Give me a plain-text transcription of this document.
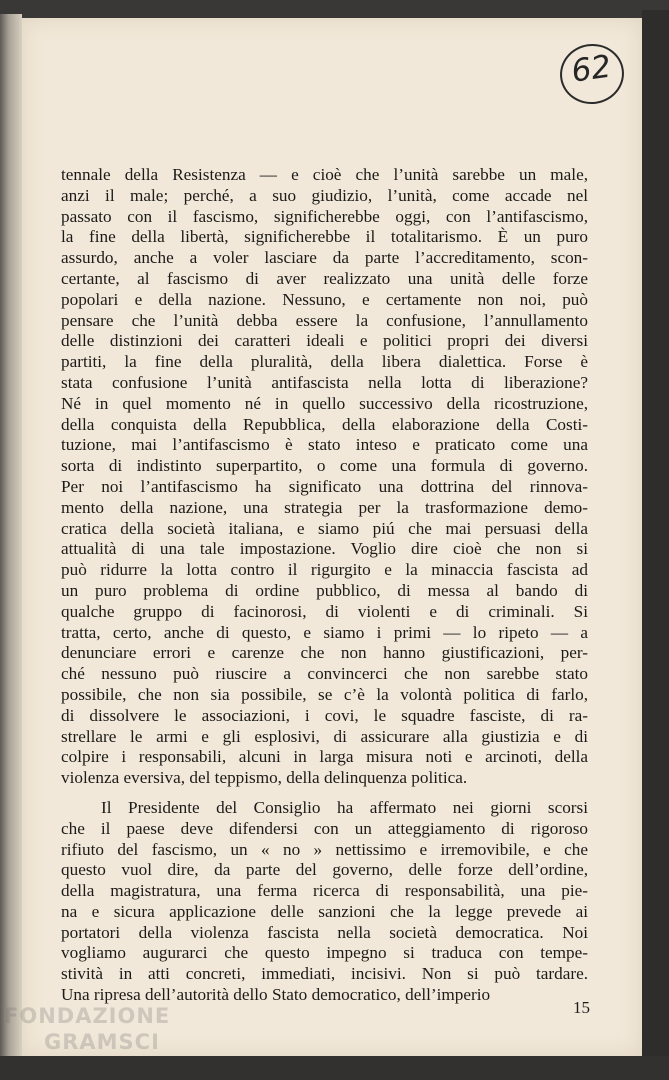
62
tennale della Resistenza — e cioè che l’unità sarebbe un male,
anzi il male; perché, a suo giudizio, l’unità, come accade nel
passato con il fascismo, significherebbe oggi, con l’antifascismo,
la fine della libertà, significherebbe il totalitarismo. È un puro
assurdo, anche a voler lasciare da parte l’accreditamento, scon-
certante, al fascismo di aver realizzato una unità delle forze
popolari e della nazione. Nessuno, e certamente non noi, può
pensare che l’unità debba essere la confusione, l’annullamento
delle distinzioni dei caratteri ideali e politici propri dei diversi
partiti, la fine della pluralità, della libera dialettica. Forse è
stata confusione l’unità antifascista nella lotta di liberazione?
Né in quel momento né in quello successivo della ricostruzione,
della conquista della Repubblica, della elaborazione della Costi-
tuzione, mai l’antifascismo è stato inteso e praticato come una
sorta di indistinto superpartito, o come una formula di governo.
Per noi l’antifascismo ha significato una dottrina del rinnova-
mento della nazione, una strategia per la trasformazione demo-
cratica della società italiana, e siamo piú che mai persuasi della
attualità di una tale impostazione. Voglio dire cioè che non si
può ridurre la lotta contro il rigurgito e la minaccia fascista ad
un puro problema di ordine pubblico, di messa al bando di
qualche gruppo di facinorosi, di violenti e di criminali. Si
tratta, certo, anche di questo, e siamo i primi — lo ripeto — a
denunciare errori e carenze che non hanno giustificazioni, per-
ché nessuno può riuscire a convincerci che non sarebbe stato
possibile, che non sia possibile, se c’è la volontà politica di farlo,
di dissolvere le associazioni, i covi, le squadre fasciste, di ra-
strellare le armi e gli esplosivi, di assicurare alla giustizia e di
colpire i responsabili, alcuni in larga misura noti e arcinoti, della
violenza eversiva, del teppismo, della delinquenza politica.
Il Presidente del Consiglio ha affermato nei giorni scorsi
che il paese deve difendersi con un atteggiamento di rigoroso
rifiuto del fascismo, un « no » nettissimo e irremovibile, e che
questo vuol dire, da parte del governo, delle forze dell’ordine,
della magistratura, una ferma ricerca di responsabilità, una pie-
na e sicura applicazione delle sanzioni che la legge prevede ai
portatori della violenza fascista nella società democratica. Noi
vogliamo augurarci che questo impegno si traduca con tempe-
stività in atti concreti, immediati, incisivi. Non si può tardare.
Una ripresa dell’autorità dello Stato democratico, dell’imperio
15
FONDAZIONE
GRAMSCI
